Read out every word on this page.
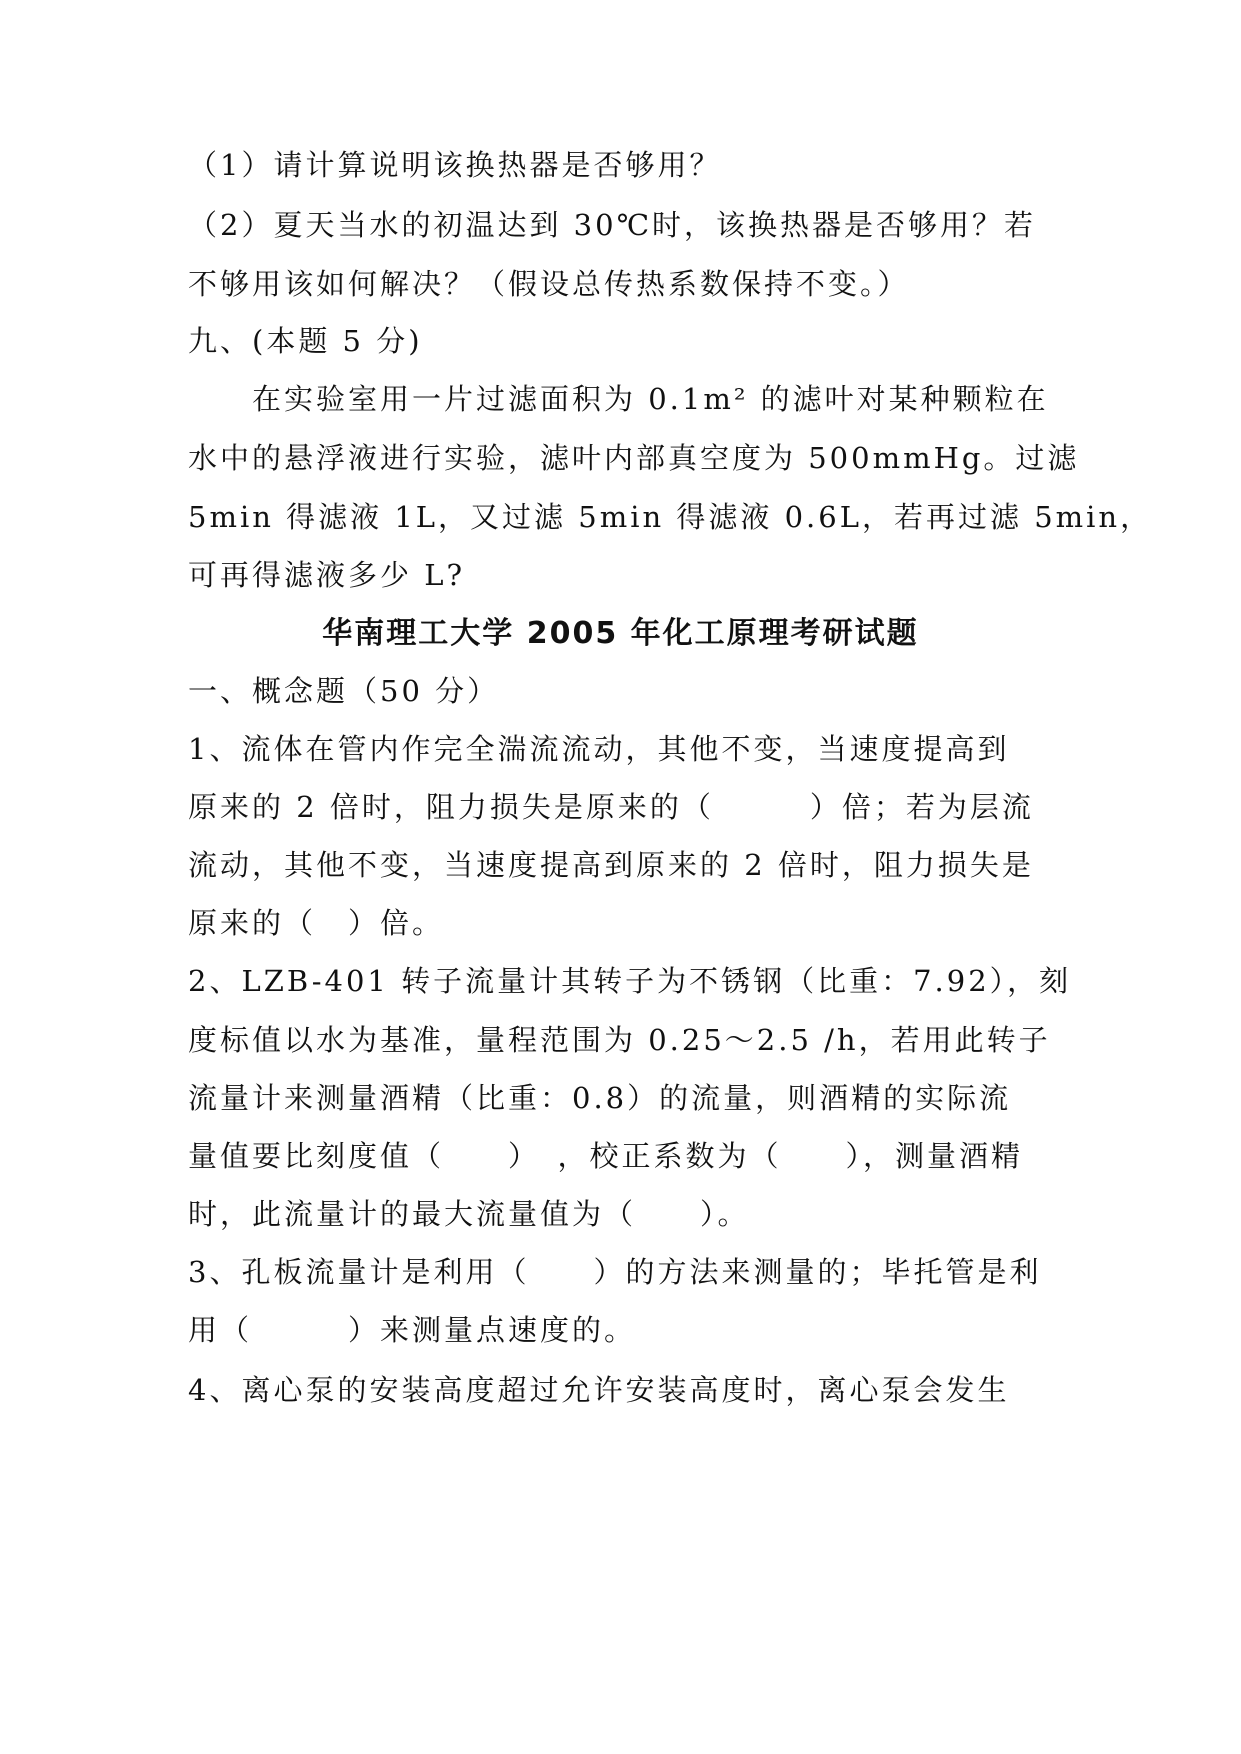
（1）请计算说明该换热器是否够用？
（2）夏天当水的初温达到 30℃时，该换热器是否够用？若
不够用该如何解决？（假设总传热系数保持不变。）
九、(本题 5 分)
在实验室用一片过滤面积为 0.1m² 的滤叶对某种颗粒在
水中的悬浮液进行实验，滤叶内部真空度为 500mmHg。过滤
5min 得滤液 1L，又过滤 5min 得滤液 0.6L，若再过滤 5min，
可再得滤液多少 L?
华南理工大学 2005 年化工原理考研试题
一、概念题（50 分）
1、流体在管内作完全湍流流动，其他不变，当速度提高到
原来的 2 倍时，阻力损失是原来的（　　　）倍；若为层流
流动，其他不变，当速度提高到原来的 2 倍时，阻力损失是
原来的（　）倍。
2、LZB-401 转子流量计其转子为不锈钢（比重：7.92），刻
度标值以水为基准，量程范围为 0.25～2.5 /h，若用此转子
流量计来测量酒精（比重：0.8）的流量，则酒精的实际流
量值要比刻度值（　　）　，校正系数为（　　），测量酒精
时，此流量计的最大流量值为（　　）。
3、孔板流量计是利用（　　）的方法来测量的；毕托管是利
用（　　　）来测量点速度的。
4、离心泵的安装高度超过允许安装高度时，离心泵会发生
